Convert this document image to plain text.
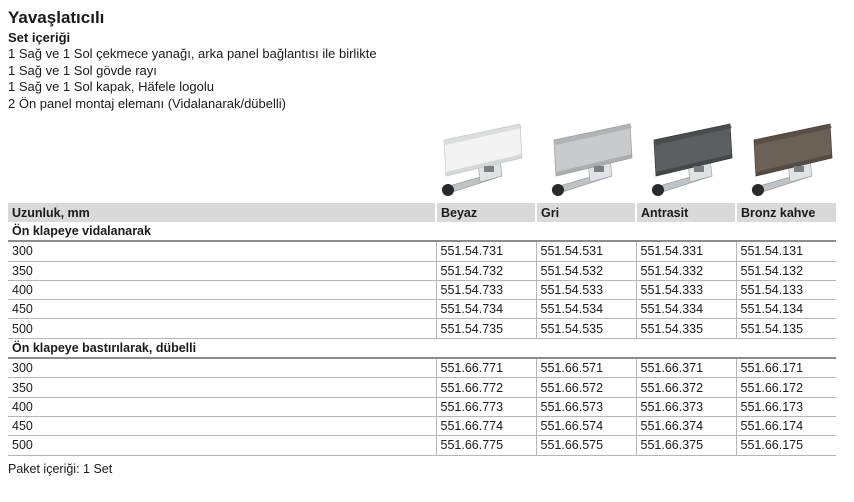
Yavaşlatıcılı
Set içeriği
1 Sağ ve 1 Sol çekmece yanağı, arka panel bağlantısı ile birlikte
1 Sağ ve 1 Sol gövde rayı
1 Sağ ve 1 Sol kapak, Häfele logolu
2 Ön panel montaj elemanı (Vidalanarak/dübelli)
Uzunluk, mm	Beyaz	Gri	Antrasit	Bronz kahve
Ön klapeye vidalanarak				
300	551.54.731	551.54.531	551.54.331	551.54.131
350	551.54.732	551.54.532	551.54.332	551.54.132
400	551.54.733	551.54.533	551.54.333	551.54.133
450	551.54.734	551.54.534	551.54.334	551.54.134
500	551.54.735	551.54.535	551.54.335	551.54.135
Ön klapeye bastırılarak, dübelli				
300	551.66.771	551.66.571	551.66.371	551.66.171
350	551.66.772	551.66.572	551.66.372	551.66.172
400	551.66.773	551.66.573	551.66.373	551.66.173
450	551.66.774	551.66.574	551.66.374	551.66.174
500	551.66.775	551.66.575	551.66.375	551.66.175
Paket içeriği: 1 Set
